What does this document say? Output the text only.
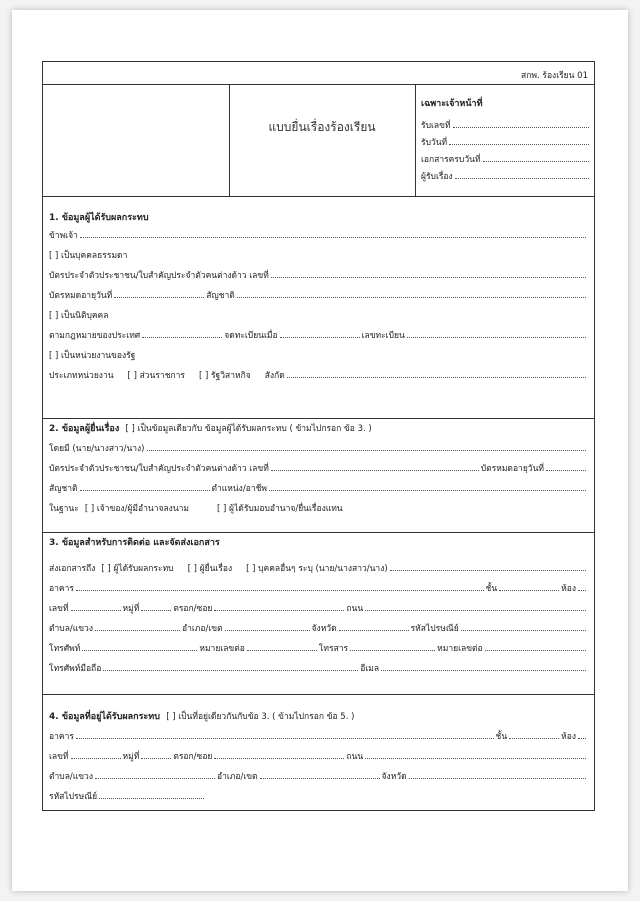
สกพ. ร้องเรียน 01
แบบยื่นเรื่องร้องเรียน
เฉพาะเจ้าหน้าที่
รับเลขที่
รับวันที่
เอกสารครบวันที่
ผู้รับเรื่อง
1. ข้อมูลผู้ได้รับผลกระทบ
ข้าพเจ้า
[ ] เป็นบุคคลธรรมดา
บัตรประจำตัวประชาชน/ใบสำคัญประจำตัวคนต่างด้าว เลขที่
บัตรหมดอายุวันที่	สัญชาติ
[ ] เป็นนิติบุคคล
ตามกฎหมายของประเทศ	จดทะเบียนเมื่อ	เลขทะเบียน
[ ] เป็นหน่วยงานของรัฐ
ประเภทหน่วยงาน [ ] ส่วนราชการ [ ] รัฐวิสาหกิจ สังกัด
2. ข้อมูลผู้ยื่นเรื่อง [ ] เป็นข้อมูลเดียวกับ ข้อมูลผู้ได้รับผลกระทบ ( ข้ามไปกรอก ข้อ 3. )
โดยมี (นาย/นางสาว/นาง)
บัตรประจำตัวประชาชน/ใบสำคัญประจำตัวคนต่างด้าว เลขที่	บัตรหมดอายุวันที่
สัญชาติ	ตำแหน่ง/อาชีพ
ในฐานะ [ ] เจ้าของ/ผู้มีอำนาจลงนาม	[ ] ผู้ได้รับมอบอำนาจ/ยื่นเรื่องแทน
3. ข้อมูลสำหรับการติดต่อ และจัดส่งเอกสาร
ส่งเอกสารถึง [ ] ผู้ได้รับผลกระทบ [ ] ผู้ยื่นเรื่อง [ ] บุคคลอื่นๆ ระบุ (นาย/นางสาว/นาง)
อาคาร	ชั้น	ห้อง
เลขที่	หมู่ที่	ตรอก/ซอย	ถนน
ตำบล/แขวง	อำเภอ/เขต	จังหวัด	รหัสไปรษณีย์
โทรศัพท์	หมายเลขต่อ	โทรสาร	หมายเลขต่อ
โทรศัพท์มือถือ	อีเมล
4. ข้อมูลที่อยู่ได้รับผลกระทบ [ ] เป็นที่อยู่เดียวกันกับข้อ 3. ( ข้ามไปกรอก ข้อ 5. )
อาคาร	ชั้น	ห้อง
เลขที่	หมู่ที่	ตรอก/ซอย	ถนน
ตำบล/แขวง	อำเภอ/เขต	จังหวัด
รหัสไปรษณีย์
